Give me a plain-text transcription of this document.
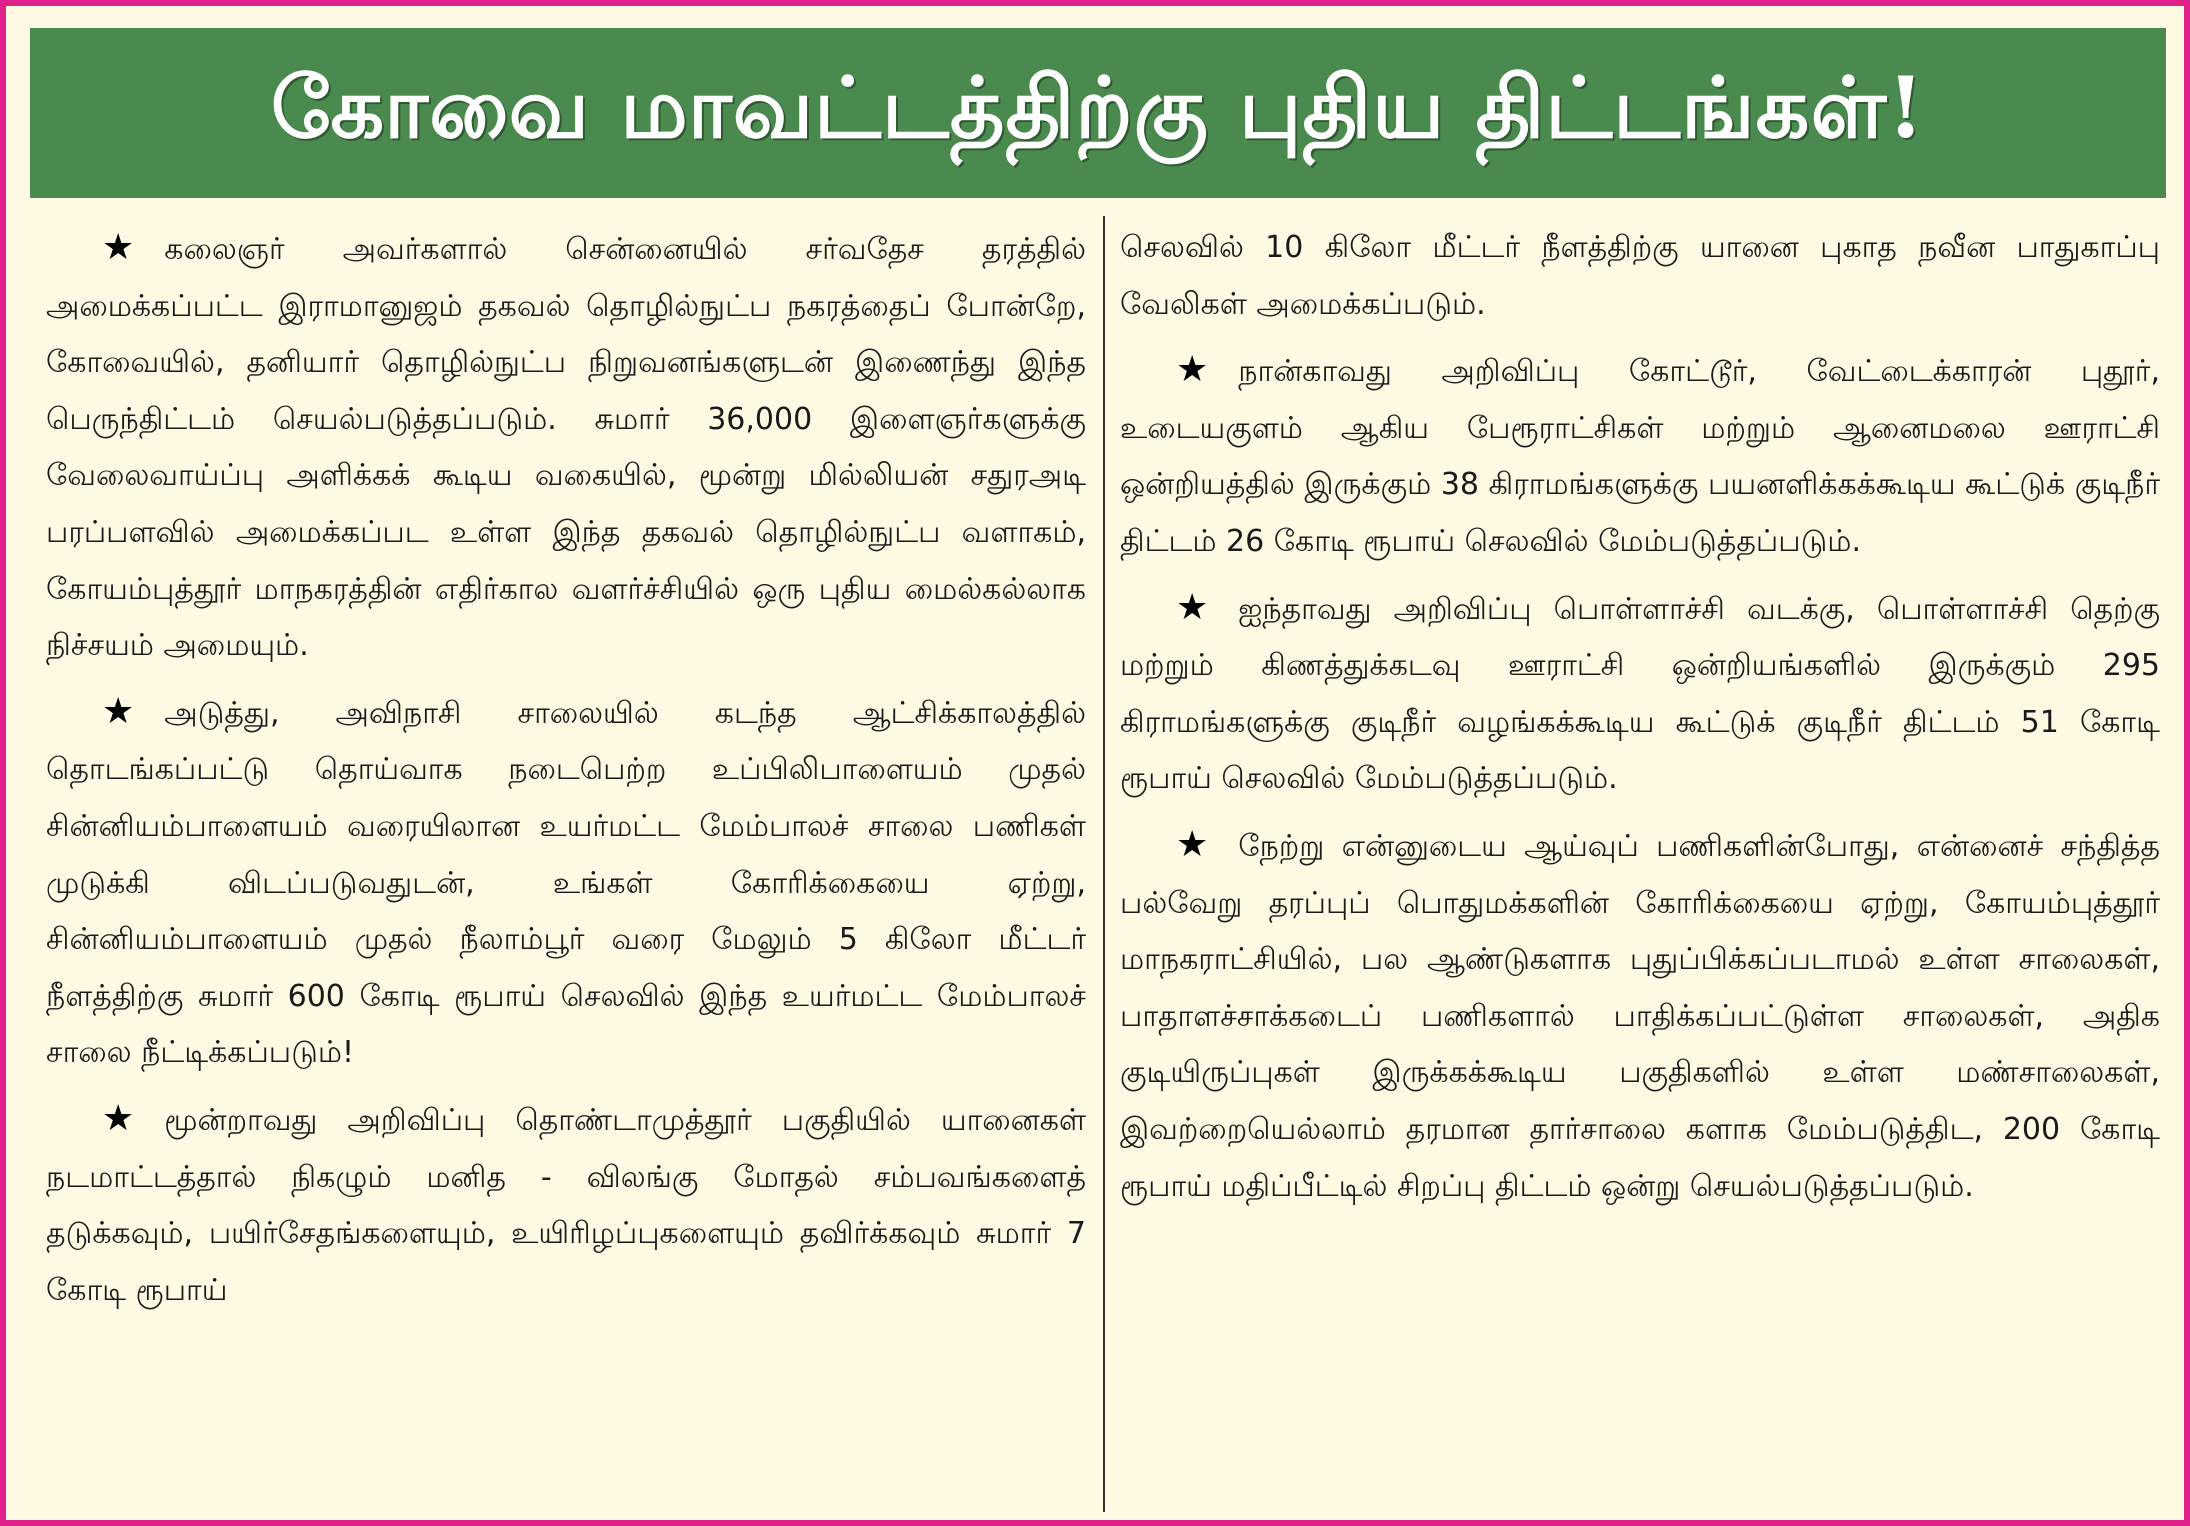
கோவை மாவட்டத்திற்கு புதிய திட்டங்கள்!

★ கலைஞர் அவர்களால் சென்னையில் சர்வதேச தரத்தில் அமைக்கப்பட்ட இராமானுஜம் தகவல் தொழில்நுட்ப நகரத்தைப் போன்றே, கோவையில், தனியார் தொழில்நுட்ப நிறுவனங்களுடன் இணைந்து இந்த பெருந்திட்டம் செயல்படுத்தப்படும். சுமார் 36,000 இளைஞர்களுக்கு வேலைவாய்ப்பு அளிக்கக் கூடிய வகையில், மூன்று மில்லியன் சதுரஅடி பரப்பளவில் அமைக்கப்பட உள்ள இந்த தகவல் தொழில்நுட்ப வளாகம், கோயம்புத்தூர் மாநகரத்தின் எதிர்கால வளர்ச்சியில் ஒரு புதிய மைல்கல்லாக நிச்சயம் அமையும்.

★ அடுத்து, அவிநாசி சாலையில் கடந்த ஆட்சிக்காலத்தில் தொடங்கப்பட்டு தொய்வாக நடைபெற்ற உப்பிலிபாளையம் முதல் சின்னியம்பாளையம் வரையிலான உயர்மட்ட மேம்பாலச் சாலை பணிகள் முடுக்கி விடப்படுவதுடன், உங்கள் கோரிக்கையை ஏற்று, சின்னியம்பாளையம் முதல் நீலாம்பூர் வரை மேலும் 5 கிலோ மீட்டர் நீளத்திற்கு சுமார் 600 கோடி ரூபாய் செலவில் இந்த உயர்மட்ட மேம்பாலச் சாலை நீட்டிக்கப்படும்!

★ மூன்றாவது அறிவிப்பு தொண்டாமுத்தூர் பகுதியில் யானைகள் நடமாட்டத்தால் நிகழும் மனித - விலங்கு மோதல் சம்பவங்களைத் தடுக்கவும், பயிர்சேதங்களையும், உயிரிழப்புகளையும் தவிர்க்கவும் சுமார் 7 கோடி ரூபாய்

செலவில் 10 கிலோ மீட்டர் நீளத்திற்கு யானை புகாத நவீன பாதுகாப்பு வேலிகள் அமைக்கப்படும்.

★ நான்காவது அறிவிப்பு கோட்டூர், வேட்டைக்காரன் புதூர், உடையகுளம் ஆகிய பேரூராட்சிகள் மற்றும் ஆனைமலை ஊராட்சி ஒன்றியத்தில் இருக்கும் 38 கிராமங்களுக்கு பயனளிக்கக்கூடிய கூட்டுக் குடிநீர் திட்டம் 26 கோடி ரூபாய் செலவில் மேம்படுத்தப்படும்.

★ ஐந்தாவது அறிவிப்பு பொள்ளாச்சி வடக்கு, பொள்ளாச்சி தெற்கு மற்றும் கிணத்துக்கடவு ஊராட்சி ஒன்றியங்களில் இருக்கும் 295 கிராமங்களுக்கு குடிநீர் வழங்கக்கூடிய கூட்டுக் குடிநீர் திட்டம் 51 கோடி ரூபாய் செலவில் மேம்படுத்தப்படும்.

★ நேற்று என்னுடைய ஆய்வுப் பணிகளின்போது, என்னைச் சந்தித்த பல்வேறு தரப்புப் பொதுமக்களின் கோரிக்கையை ஏற்று, கோயம்புத்தூர் மாநகராட்சியில், பல ஆண்டுகளாக புதுப்பிக்கப்படாமல் உள்ள சாலைகள், பாதாளச்சாக்கடைப் பணிகளால் பாதிக்கப்பட்டுள்ள சாலைகள், அதிக குடியிருப்புகள் இருக்கக்கூடிய பகுதிகளில் உள்ள மண்சாலைகள், இவற்றையெல்லாம் தரமான தார்சாலை களாக மேம்படுத்திட, 200 கோடி ரூபாய் மதிப்பீட்டில் சிறப்பு திட்டம் ஒன்று செயல்படுத்தப்படும்.
